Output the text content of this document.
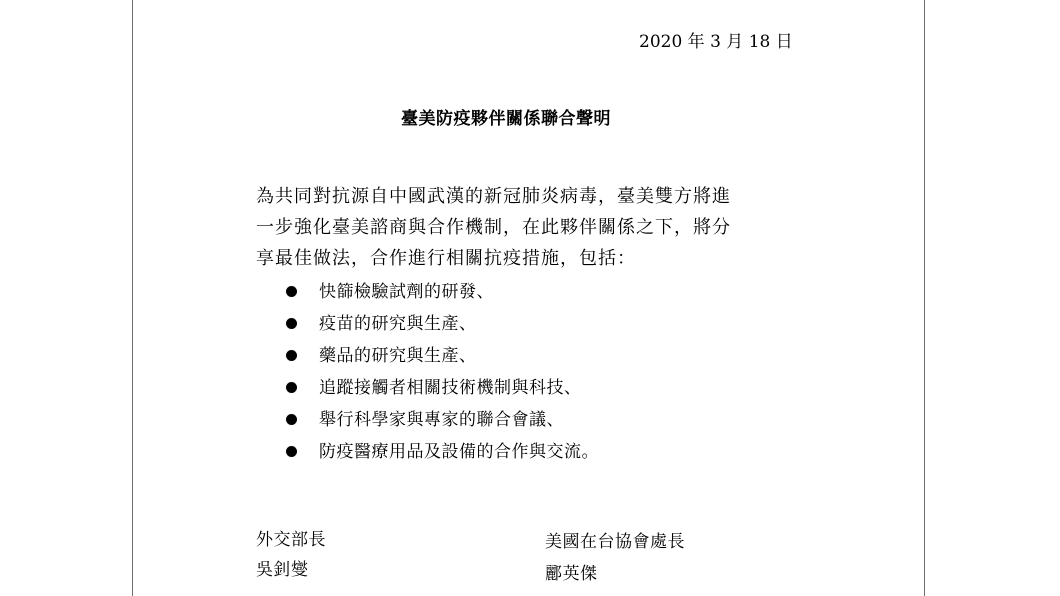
2020 年 3 月 18 日
臺美防疫夥伴關係聯合聲明
為共同對抗源自中國武漢的新冠肺炎病毒，臺美雙方將進
一步強化臺美諮商與合作機制，在此夥伴關係之下，將分
享最佳做法，合作進行相關抗疫措施，包括：
快篩檢驗試劑的研發、
疫苗的研究與生產、
藥品的研究與生產、
追蹤接觸者相關技術機制與科技、
舉行科學家與專家的聯合會議、
防疫醫療用品及設備的合作與交流。
外交部長
吳釗燮
美國在台協會處長
酈英傑
